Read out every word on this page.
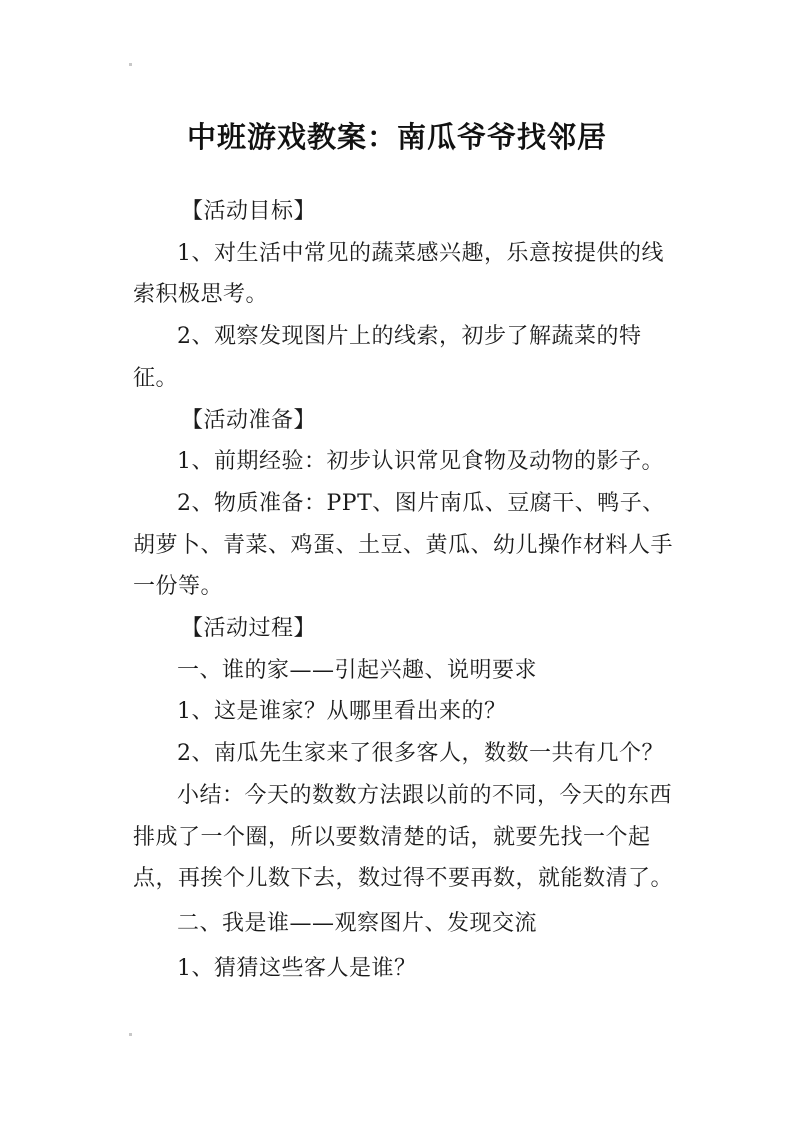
中班游戏教案：南瓜爷爷找邻居

【活动目标】

1、对生活中常见的蔬菜感兴趣，乐意按提供的线索积极思考。

2、观察发现图片上的线索，初步了解蔬菜的特征。

【活动准备】

1、前期经验：初步认识常见食物及动物的影子。

2、物质准备：PPT、图片南瓜、豆腐干、鸭子、胡萝卜、青菜、鸡蛋、土豆、黄瓜、幼儿操作材料人手一份等。

【活动过程】

一、谁的家——引起兴趣、说明要求

1、这是谁家？从哪里看出来的？

2、南瓜先生家来了很多客人，数数一共有几个？

小结：今天的数数方法跟以前的不同，今天的东西排成了一个圈，所以要数清楚的话，就要先找一个起点，再挨个儿数下去，数过得不要再数，就能数清了。

二、我是谁——观察图片、发现交流

1、猜猜这些客人是谁？
